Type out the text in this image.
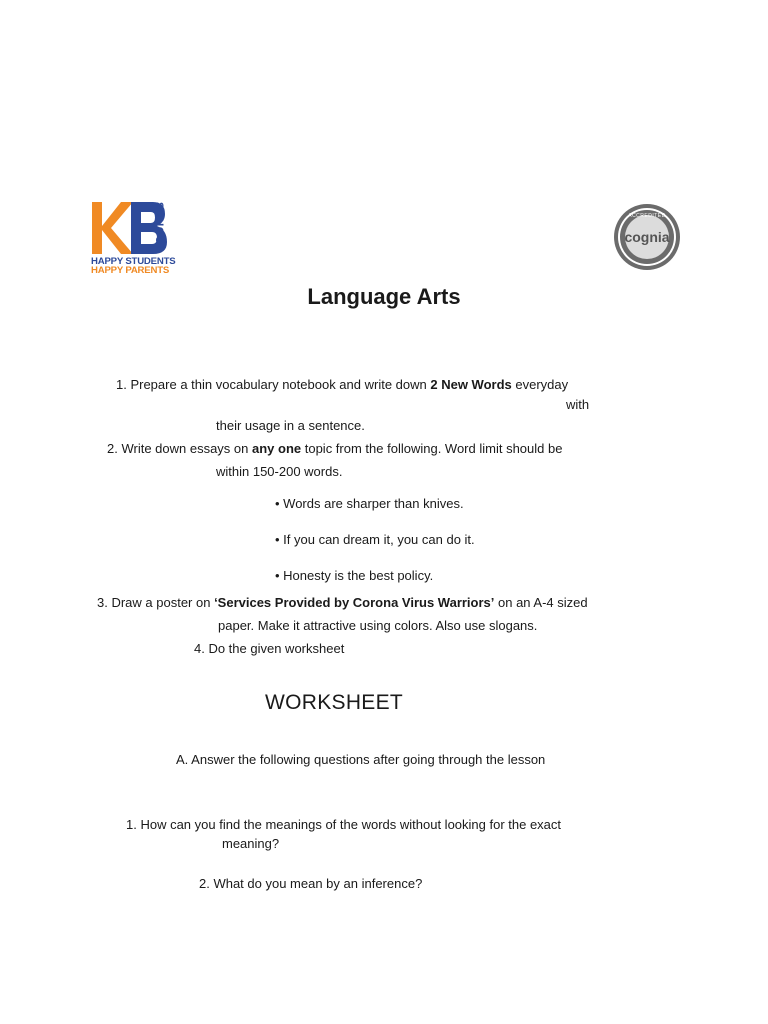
SCHOOL
HAPPY STUDENTS
HAPPY PARENTS
ACCREDITED
cognia
Language Arts
1. Prepare a thin vocabulary notebook and write down 2 New Words everyday
with
their usage in a sentence.
2. Write down essays on any one topic from the following. Word limit should be
within 150-200 words.
• Words are sharper than knives.
• If you can dream it, you can do it.
• Honesty is the best policy.
3. Draw a poster on ‘Services Provided by Corona Virus Warriors’ on an A-4 sized
paper. Make it attractive using colors. Also use slogans.
4. Do the given worksheet
WORKSHEET
A. Answer the following questions after going through the lesson
1. How can you find the meanings of the words without looking for the exact
meaning?
2. What do you mean by an inference?
